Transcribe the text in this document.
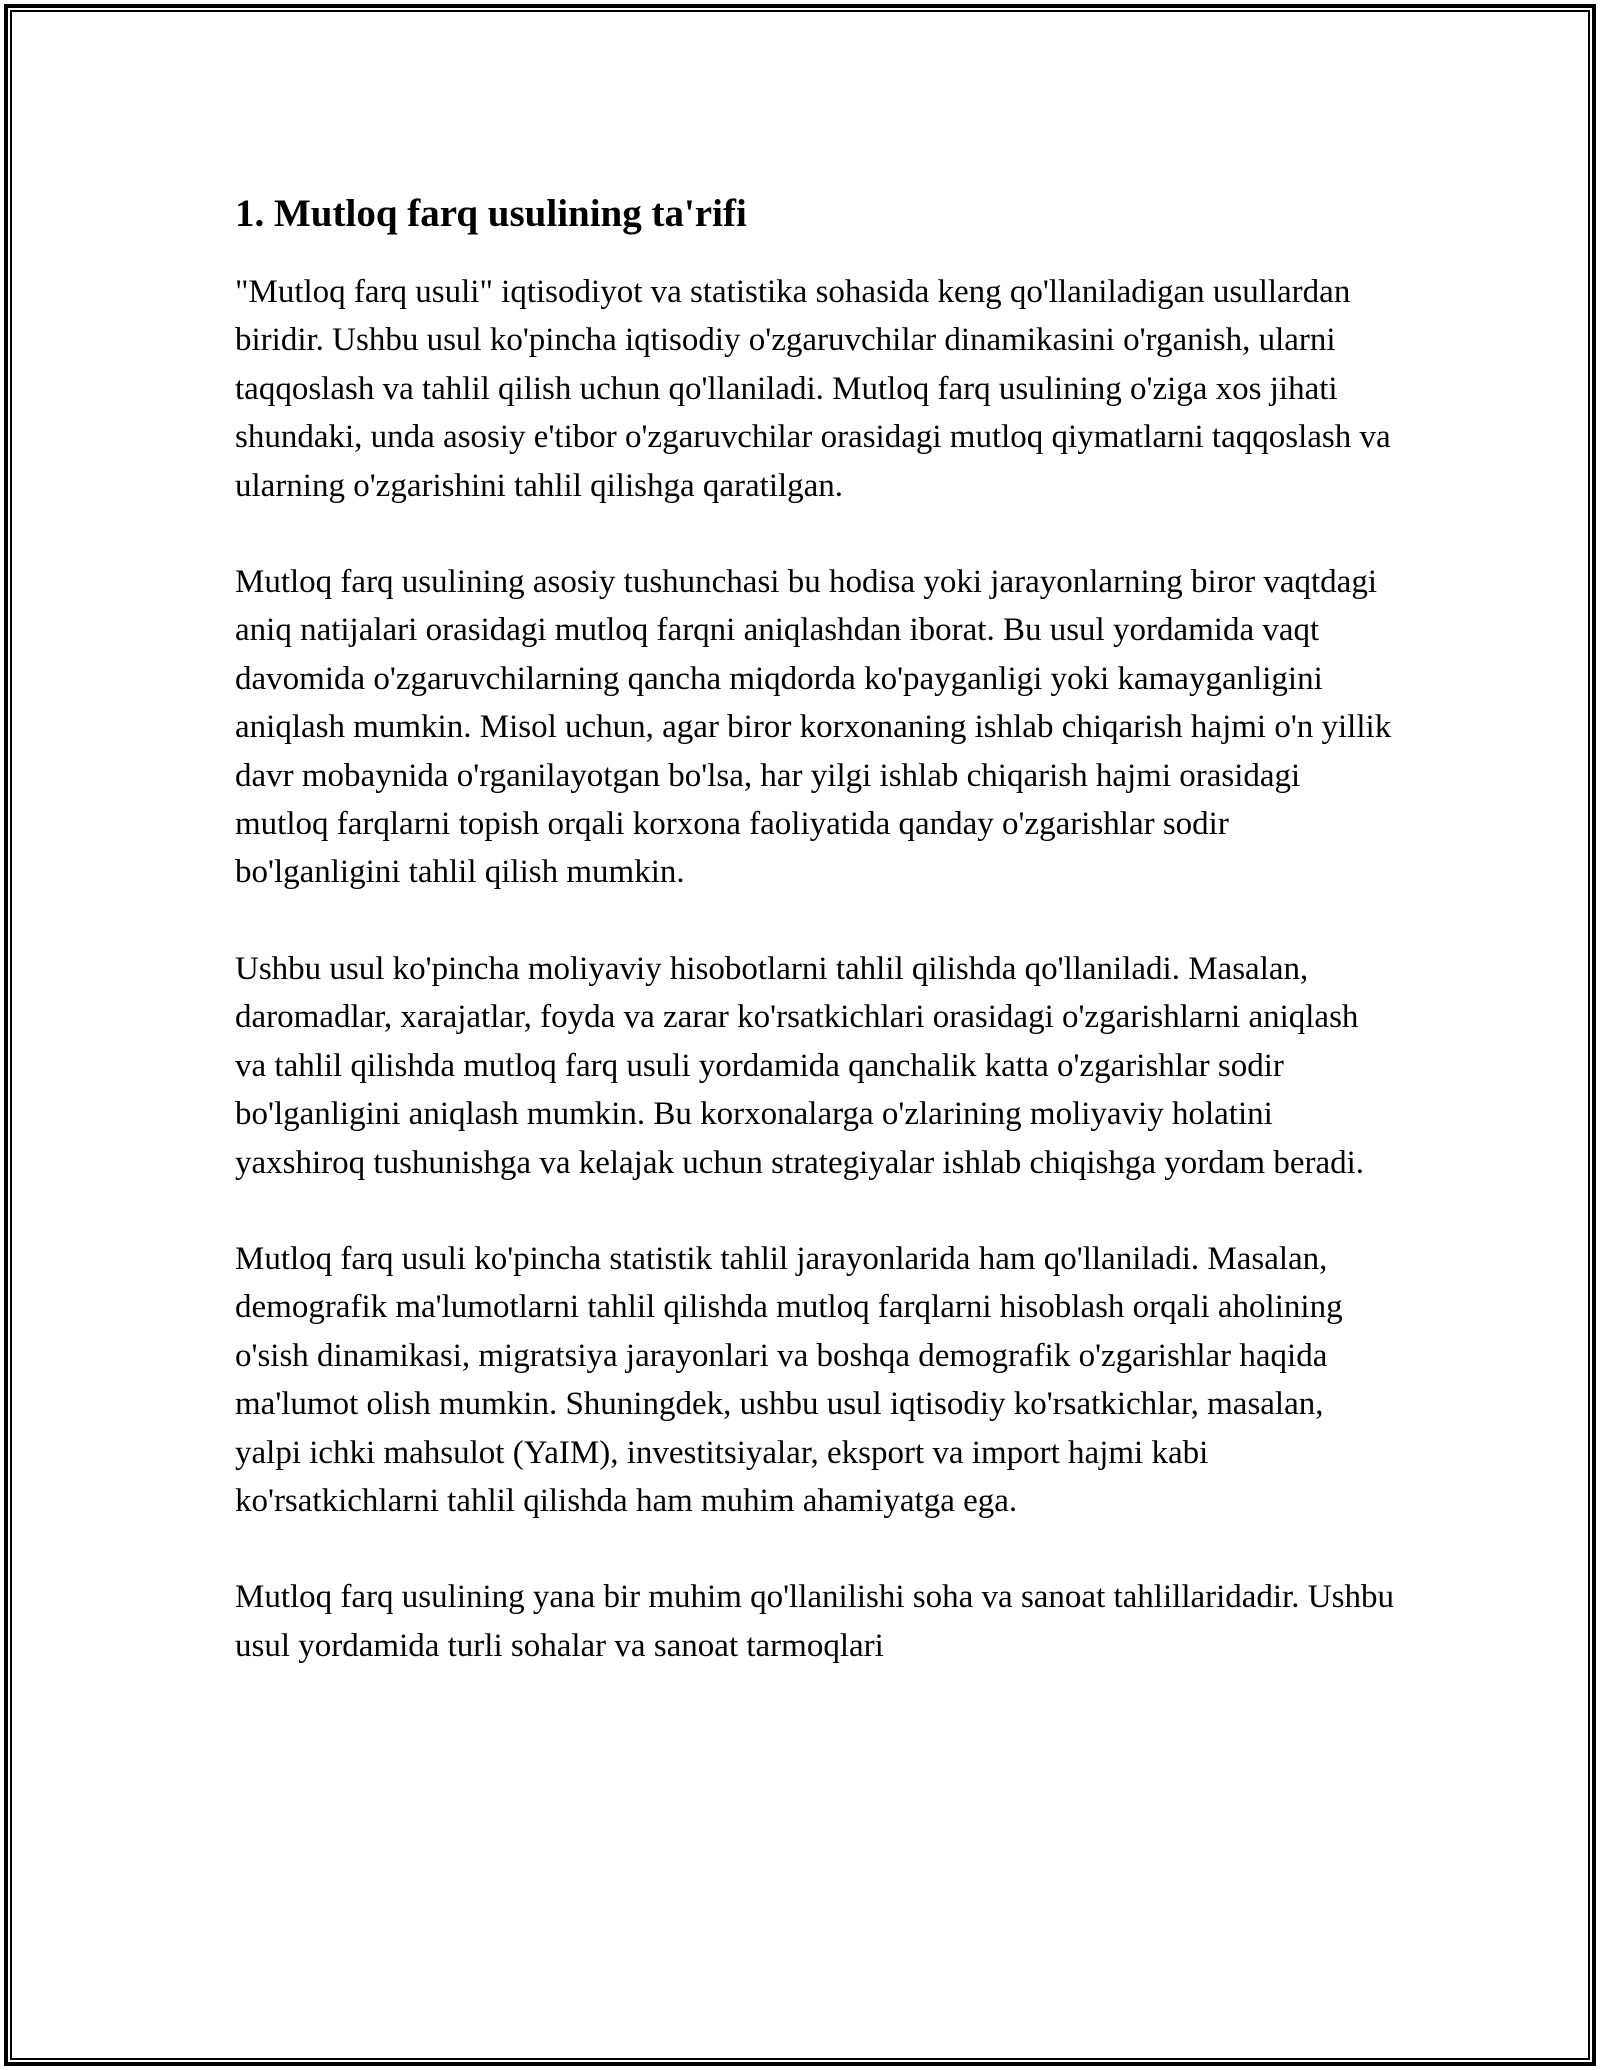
1. Mutloq farq usulining ta'rifi

"Mutloq farq usuli" iqtisodiyot va statistika sohasida keng qo'llaniladigan usullardan biridir. Ushbu usul ko'pincha iqtisodiy o'zgaruvchilar dinamikasini o'rganish, ularni taqqoslash va tahlil qilish uchun qo'llaniladi. Mutloq farq usulining o'ziga xos jihati shundaki, unda asosiy e'tibor o'zgaruvchilar orasidagi mutloq qiymatlarni taqqoslash va ularning o'zgarishini tahlil qilishga qaratilgan.

Mutloq farq usulining asosiy tushunchasi bu hodisa yoki jarayonlarning biror vaqtdagi aniq natijalari orasidagi mutloq farqni aniqlashdan iborat. Bu usul yordamida vaqt davomida o'zgaruvchilarning qancha miqdorda ko'payganligi yoki kamayganligini aniqlash mumkin. Misol uchun, agar biror korxonaning ishlab chiqarish hajmi o'n yillik davr mobaynida o'rganilayotgan bo'lsa, har yilgi ishlab chiqarish hajmi orasidagi mutloq farqlarni topish orqali korxona faoliyatida qanday o'zgarishlar sodir bo'lganligini tahlil qilish mumkin.

Ushbu usul ko'pincha moliyaviy hisobotlarni tahlil qilishda qo'llaniladi. Masalan, daromadlar, xarajatlar, foyda va zarar ko'rsatkichlari orasidagi o'zgarishlarni aniqlash va tahlil qilishda mutloq farq usuli yordamida qanchalik katta o'zgarishlar sodir bo'lganligini aniqlash mumkin. Bu korxonalarga o'zlarining moliyaviy holatini yaxshiroq tushunishga va kelajak uchun strategiyalar ishlab chiqishga yordam beradi.

Mutloq farq usuli ko'pincha statistik tahlil jarayonlarida ham qo'llaniladi. Masalan, demografik ma'lumotlarni tahlil qilishda mutloq farqlarni hisoblash orqali aholining o'sish dinamikasi, migratsiya jarayonlari va boshqa demografik o'zgarishlar haqida ma'lumot olish mumkin. Shuningdek, ushbu usul iqtisodiy ko'rsatkichlar, masalan, yalpi ichki mahsulot (YaIM), investitsiyalar, eksport va import hajmi kabi ko'rsatkichlarni tahlil qilishda ham muhim ahamiyatga ega.

Mutloq farq usulining yana bir muhim qo'llanilishi soha va sanoat tahlillaridadir. Ushbu usul yordamida turli sohalar va sanoat tarmoqlari
